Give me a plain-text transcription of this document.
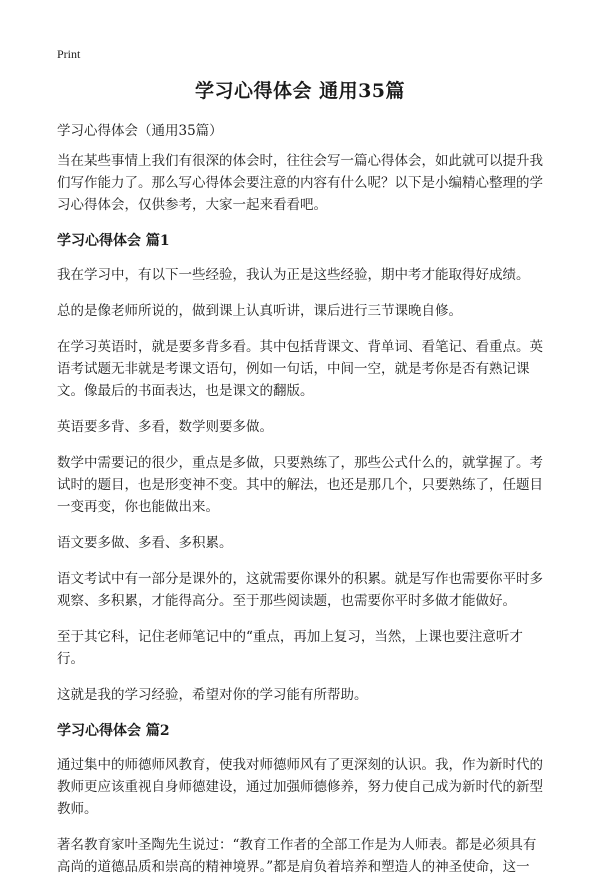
Print
学习心得体会 通用35篇

学习心得体会（通用35篇）

当在某些事情上我们有很深的体会时，往往会写一篇心得体会，如此就可以提升我们写作能力了。那么写心得体会要注意的内容有什么呢？以下是小编精心整理的学习心得体会，仅供参考，大家一起来看看吧。

学习心得体会 篇1

我在学习中，有以下一些经验，我认为正是这些经验，期中考才能取得好成绩。

总的是像老师所说的，做到课上认真听讲，课后进行三节课晚自修。

在学习英语时，就是要多背多看。其中包括背课文、背单词、看笔记、看重点。英语考试题无非就是考课文语句，例如一句话，中间一空，就是考你是否有熟记课文。像最后的书面表达，也是课文的翻版。

英语要多背、多看，数学则要多做。

数学中需要记的很少，重点是多做，只要熟练了，那些公式什么的，就掌握了。考试时的题目，也是形变神不变。其中的解法，也还是那几个，只要熟练了，任题目一变再变，你也能做出来。

语文要多做、多看、多积累。

语文考试中有一部分是课外的，这就需要你课外的积累。就是写作也需要你平时多观察、多积累，才能得高分。至于那些阅读题，也需要你平时多做才能做好。

至于其它科，记住老师笔记中的“重点，再加上复习，当然，上课也要注意听才行。

这就是我的学习经验，希望对你的学习能有所帮助。

学习心得体会 篇2

通过集中的师德师风教育，使我对师德师风有了更深刻的认识。我，作为新时代的教师更应该重视自身师德建设，通过加强师德修养，努力使自己成为新时代的新型教师。

著名教育家叶圣陶先生说过：“教育工作者的全部工作是为人师表。都是必须具有高尚的道德品质和崇高的精神境界。”都是肩负着培养和塑造人的神圣使命，这一
